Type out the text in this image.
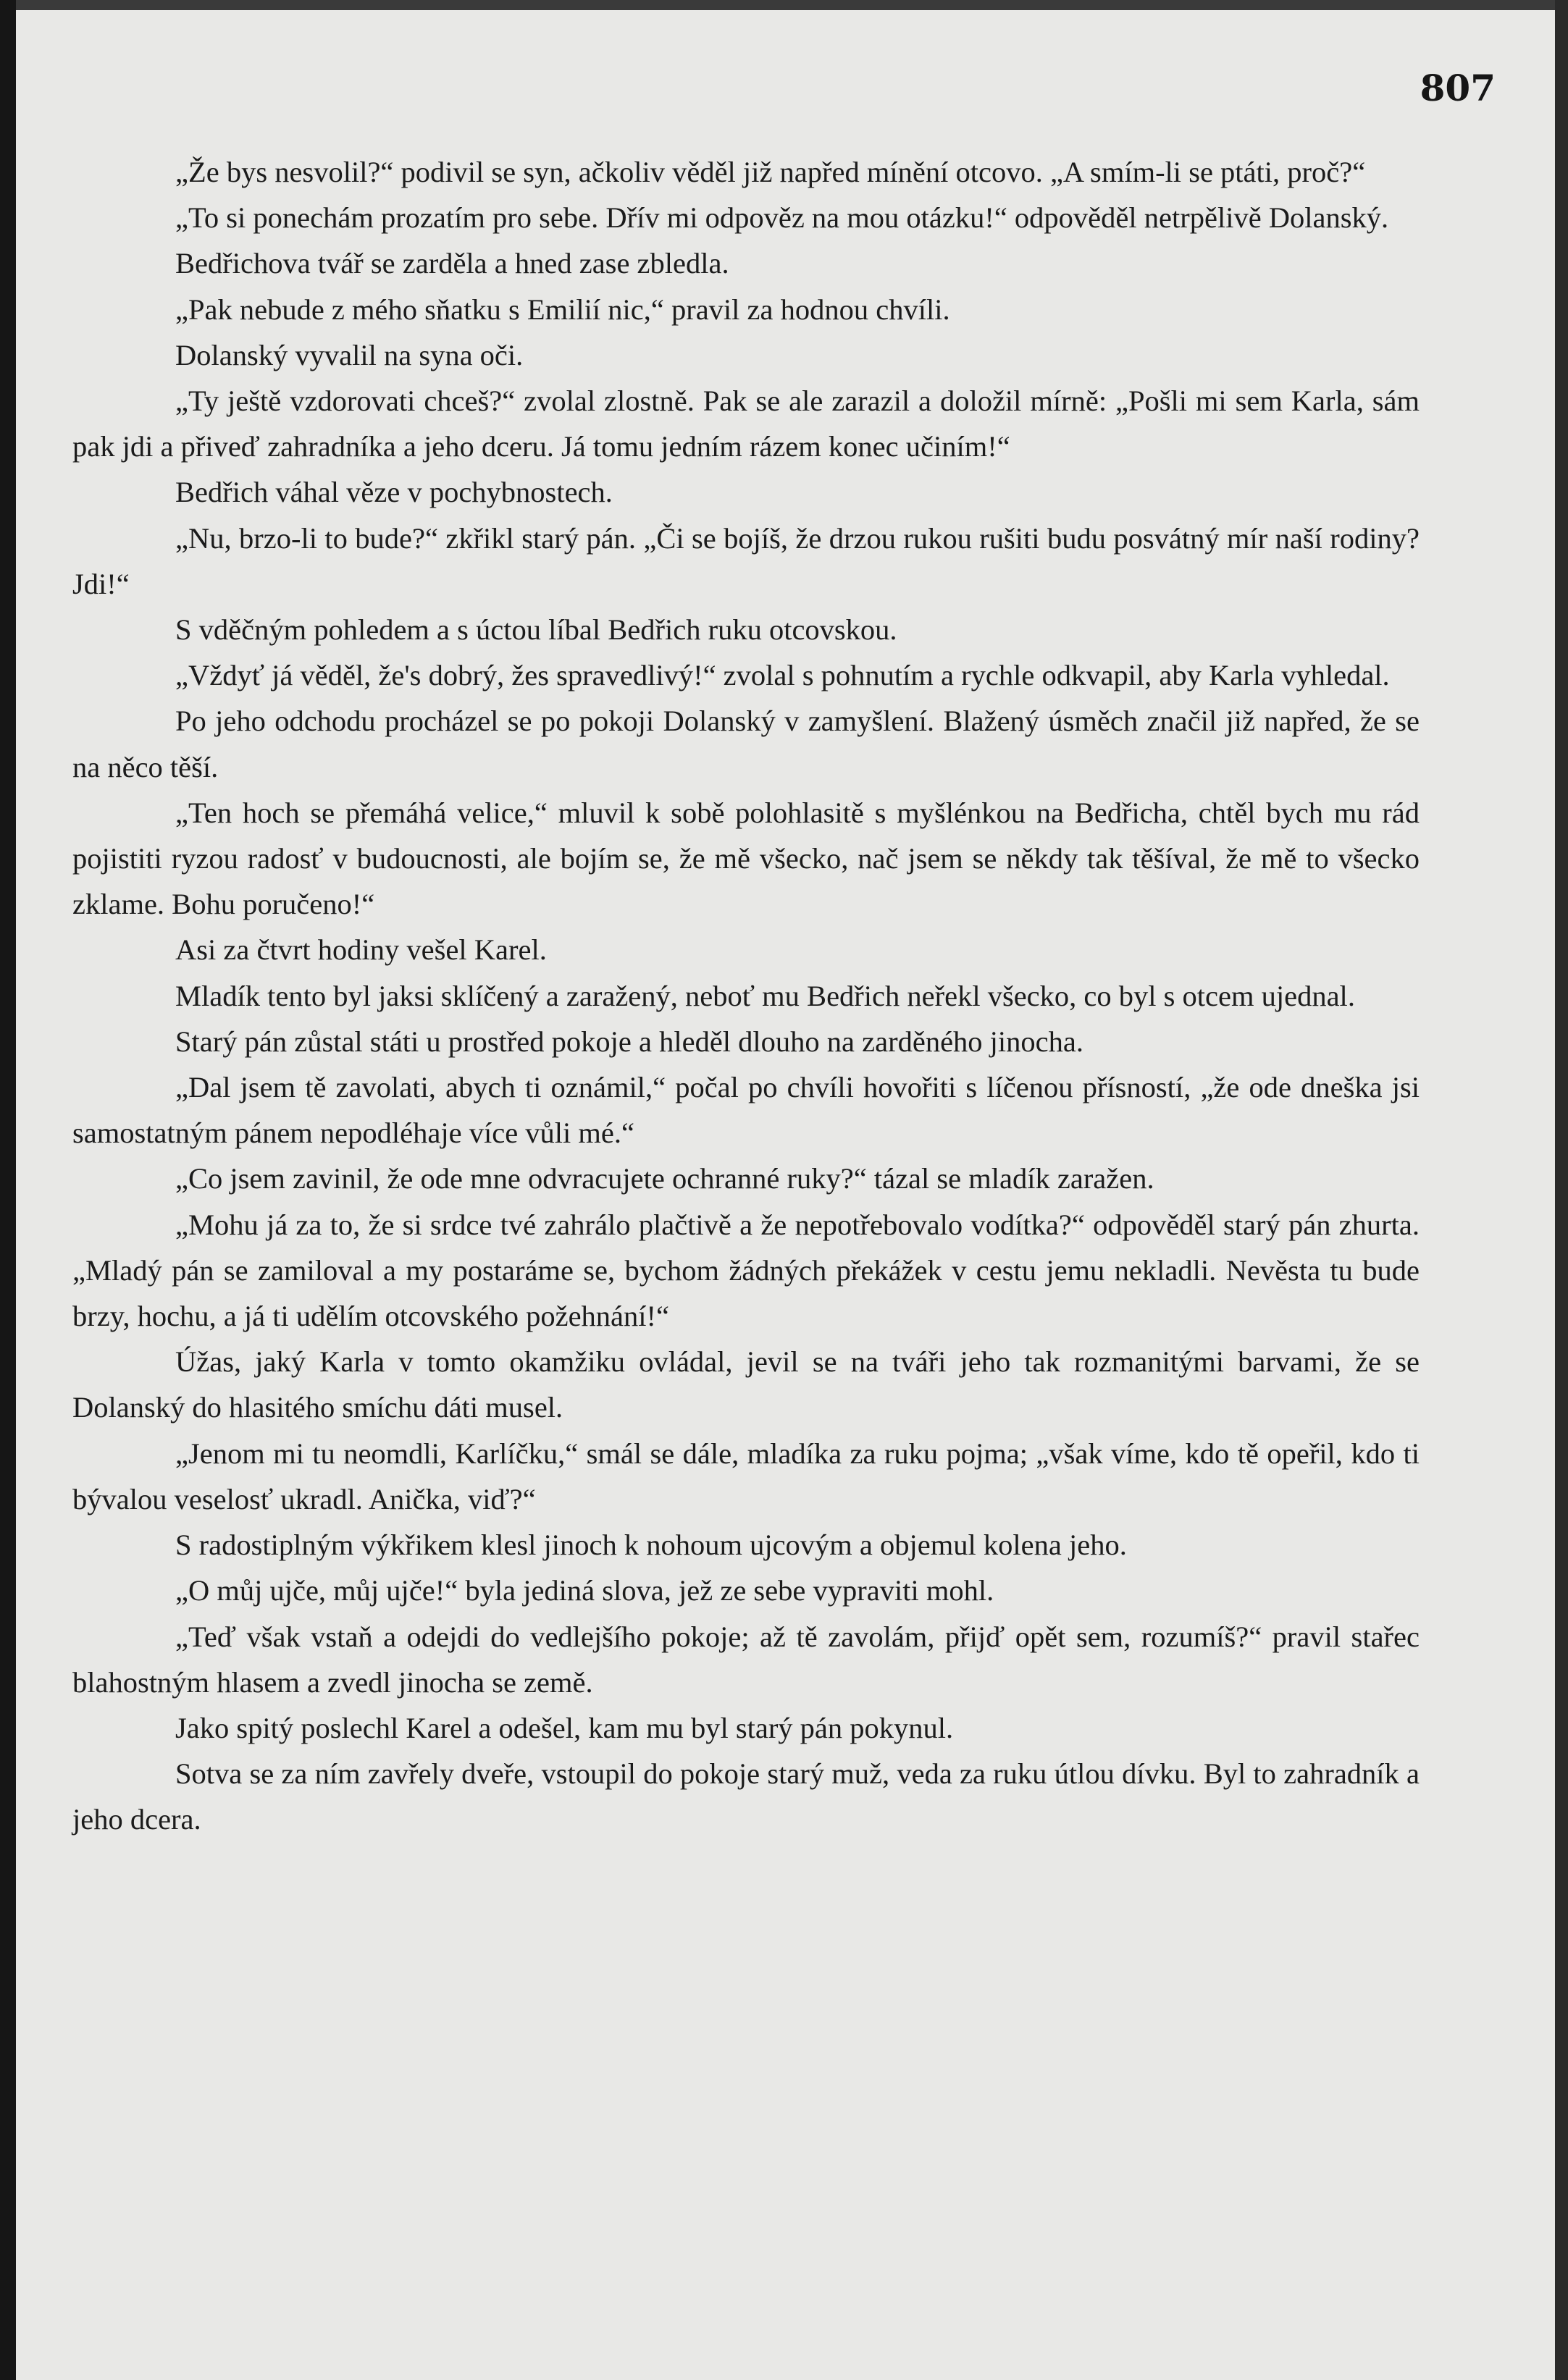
807

„Že bys nesvolil?“ podivil se syn, ačkoliv věděl již napřed mínění otcovo. „A smím-li se ptáti, proč?“

„To si ponechám prozatím pro sebe. Dřív mi odpověz na mou otázku!“ odpověděl netrpělivě Dolanský.

Bedřichova tvář se zarděla a hned zase zbledla.

„Pak nebude z mého sňatku s Emilií nic,“ pravil za hodnou chvíli.

Dolanský vyvalil na syna oči.

„Ty ještě vzdorovati chceš?“ zvolal zlostně. Pak se ale zarazil a doložil mírně: „Pošli mi sem Karla, sám pak jdi a přiveď zahradníka a jeho dceru. Já tomu jedním rázem konec učiním!“

Bedřich váhal věze v pochybnostech.

„Nu, brzo-li to bude?“ zkřikl starý pán. „Či se bojíš, že drzou rukou rušiti budu posvátný mír naší rodiny? Jdi!“

S vděčným pohledem a s úctou líbal Bedřich ruku otcovskou.

„Vždyť já věděl, že's dobrý, žes spravedlivý!“ zvolal s pohnutím a rychle odkvapil, aby Karla vyhledal.

Po jeho odchodu procházel se po pokoji Dolanský v zamyšlení. Blažený úsměch značil již napřed, že se na něco těší.

„Ten hoch se přemáhá velice,“ mluvil k sobě polohlasitě s myšlénkou na Bedřicha, chtěl bych mu rád pojistiti ryzou radosť v budoucnosti, ale bojím se, že mě všecko, nač jsem se někdy tak těšíval, že mě to všecko zklame. Bohu poručeno!“

Asi za čtvrt hodiny vešel Karel.

Mladík tento byl jaksi sklíčený a zaražený, neboť mu Bedřich neřekl všecko, co byl s otcem ujednal.

Starý pán zůstal státi u prostřed pokoje a hleděl dlouho na zarděného jinocha.

„Dal jsem tě zavolati, abych ti oznámil,“ počal po chvíli hovořiti s líčenou přísností, „že ode dneška jsi samostatným pánem nepodléhaje více vůli mé.“

„Co jsem zavinil, že ode mne odvracujete ochranné ruky?“ tázal se mladík zaražen.

„Mohu já za to, že si srdce tvé zahrálo plačtivě a že nepotřebovalo vodítka?“ odpověděl starý pán zhurta. „Mladý pán se zamiloval a my postaráme se, bychom žádných překážek v cestu jemu nekladli. Nevěsta tu bude brzy, hochu, a já ti udělím otcovského požehnání!“

Úžas, jaký Karla v tomto okamžiku ovládal, jevil se na tváři jeho tak rozmanitými barvami, že se Dolanský do hlasitého smíchu dáti musel.

„Jenom mi tu neomdli, Karlíčku,“ smál se dále, mladíka za ruku pojma; „však víme, kdo tě opeřil, kdo ti bývalou veselosť ukradl. Anička, viď?“

S radostiplným výkřikem klesl jinoch k nohoum ujcovým a objemul kolena jeho.

„O můj ujče, můj ujče!“ byla jediná slova, jež ze sebe vypraviti mohl.

„Teď však vstaň a odejdi do vedlejšího pokoje; až tě zavolám, přijď opět sem, rozumíš?“ pravil stařec blahostným hlasem a zvedl jinocha se země.

Jako spitý poslechl Karel a odešel, kam mu byl starý pán pokynul.

Sotva se za ním zavřely dveře, vstoupil do pokoje starý muž, veda za ruku útlou dívku. Byl to zahradník a jeho dcera.
